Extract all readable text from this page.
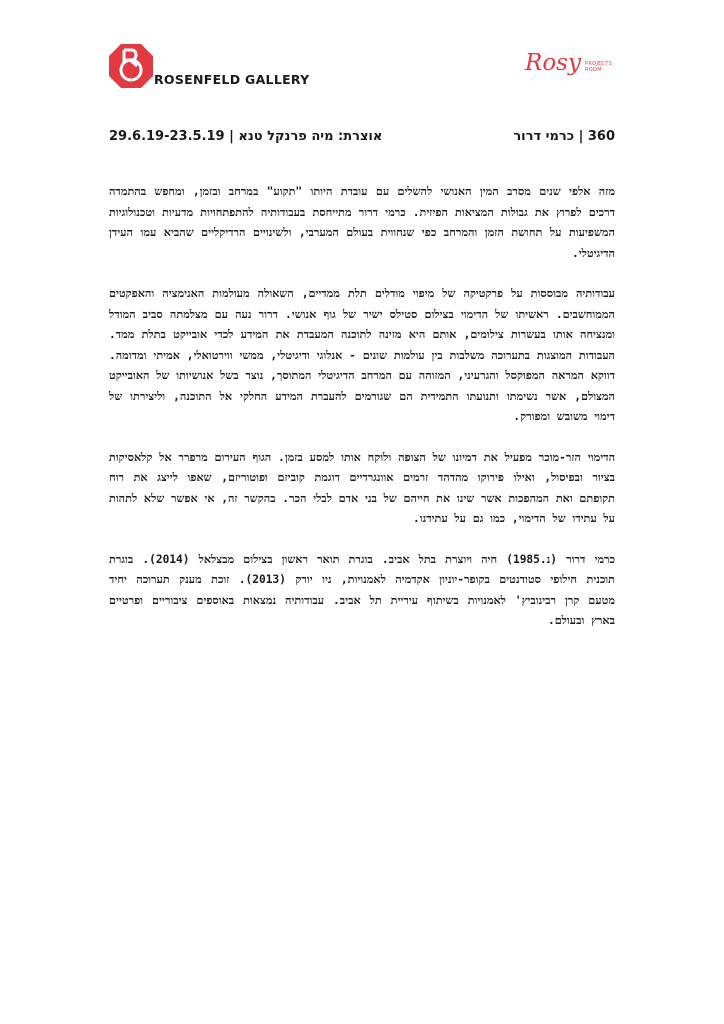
ROSENFELD GALLERY
Rosy PROJECTS
ROOM
360 | כרמי דרור
אוצרת: מיה פרנקל טנא | 29.6.19-23.5.19

מזה אלפי שנים מסרב המין האנושי להשלים עם עובדת היותו "תקוע" במרחב ובזמן, ומחפש בהתמדה דרכים לפרוץ את גבולות המציאות הפיזית. כרמי דרור מתייחסת בעבודותיה להתפתחויות מדעיות וטכנולוגיות המשפיעות על תחושת הזמן והמרחב כפי שנחווית בעולם המערבי, ולשינויים הרדיקליים שהביא עמו העידן הדיגיטלי.

עבודותיה מבוססות על פרקטיקה של מיפוי מודלים תלת ממדיים, השאולה מעולמות האנימציה והאפקטים הממוחשבים. ראשיתו של הדימוי בצילום סטילס ישיר של גוף אנושי. דרור נעה עם מצלמתה סביב המודל ומנציחה אותו בעשרות צילומים, אותם היא מזינה לתוכנה המעבדת את המידע לכדי אובייקט בתלת ממד. העבודות המוצגות בתערוכה משלבות בין עולמות שונים - אנלוגי ודיגיטלי, ממשי ווירטואלי, אמיתי ומדומה. דווקא המראה המפוקסל והגרעיני, המזוהה עם המרחב הדיגיטלי המתוסך, נוצר בשל אנושיותו של האובייקט המצולם, אשר נשימתו ותנועתו התמידית הם שגורמים להעברת המידע החלקי אל התוכנה, וליצירתו של דימוי משובש ומפורק.

הדימוי הזר-מוכר מפעיל את דמיונו של הצופה ולוקח אותו למסע בזמן. הגוף העירום מרפרר אל קלאסיקות בציור ובפיסול, ואילו פירוקו מהדהד זרמים אוונגרדיים דוגמת קוביזם ופוטוריזם, שאפו לייצג את רוח תקופתם ואת המהפכות אשר שינו את חייהם של בני אדם לבלי הכר. בהקשר זה, אי אפשר שלא לתהות על עתידו של הדימוי, כמו גם על עתידנו.

כרמי דרור (נ.1985) חיה ויוצרת בתל אביב. בוגרת תואר ראשון בצילום מבצלאל (2014). בוגרת תוכנית חילופי סטודנטים בקופר-יוניון אקדמיה לאמנויות, ניו יורק (2013). זוכת מענק תערוכה יחיד מטעם קרן רבינוביץ' לאמנויות בשיתוף עיריית תל אביב. עבודותיה נמצאות באוספים ציבוריים ופרטיים בארץ ובעולם.
